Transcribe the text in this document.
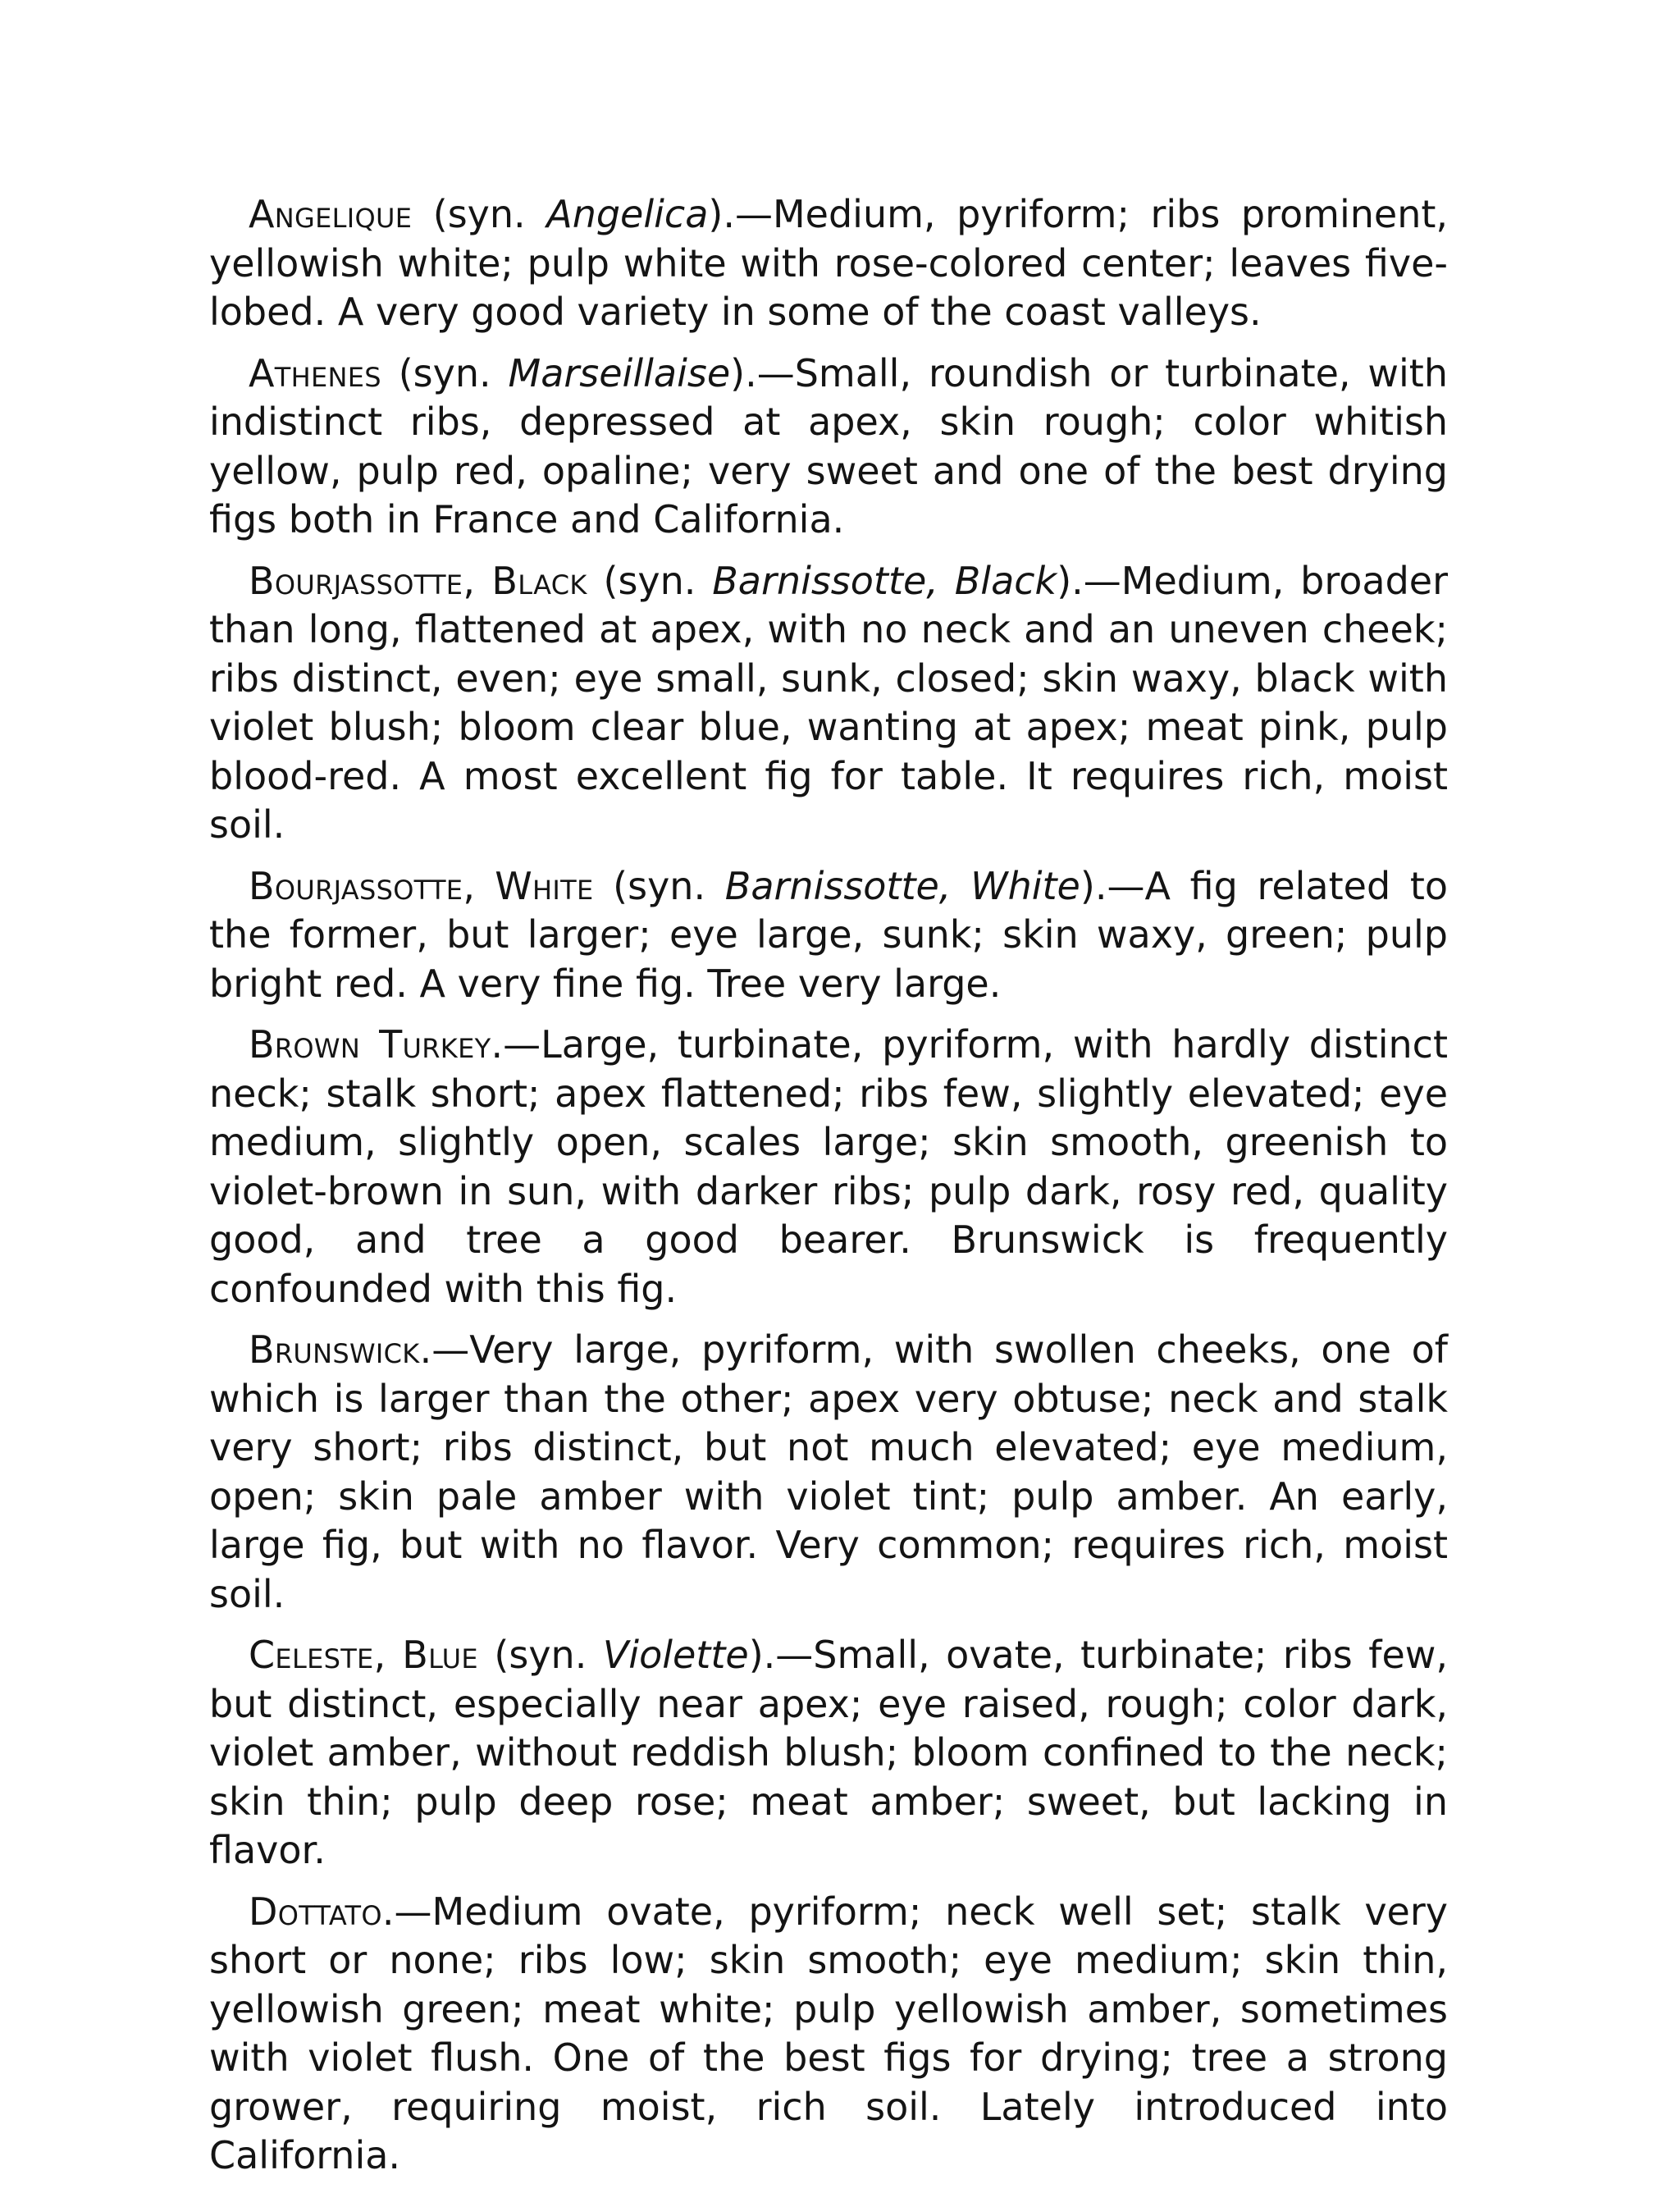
Angelique (syn. Angelica).—Medium, pyriform; ribs prominent, yellowish white; pulp white with rose-colored center; leaves five-lobed. A very good variety in some of the coast valleys.

Athenes (syn. Marseillaise).—Small, roundish or turbinate, with indistinct ribs, depressed at apex, skin rough; color whitish yellow, pulp red, opaline; very sweet and one of the best drying figs both in France and California.

Bourjassotte, Black (syn. Barnissotte, Black).—Medium, broader than long, flattened at apex, with no neck and an uneven cheek; ribs distinct, even; eye small, sunk, closed; skin waxy, black with violet blush; bloom clear blue, wanting at apex; meat pink, pulp blood-red. A most excellent fig for table. It requires rich, moist soil.

Bourjassotte, White (syn. Barnissotte, White).—A fig related to the former, but larger; eye large, sunk; skin waxy, green; pulp bright red. A very fine fig. Tree very large.

Brown Turkey.—Large, turbinate, pyriform, with hardly distinct neck; stalk short; apex flattened; ribs few, slightly elevated; eye medium, slightly open, scales large; skin smooth, greenish to violet-brown in sun, with darker ribs; pulp dark, rosy red, quality good, and tree a good bearer. Brunswick is frequently confounded with this fig.

Brunswick.—Very large, pyriform, with swollen cheeks, one of which is larger than the other; apex very obtuse; neck and stalk very short; ribs distinct, but not much elevated; eye medium, open; skin pale amber with violet tint; pulp amber. An early, large fig, but with no flavor. Very common; requires rich, moist soil.

Celeste, Blue (syn. Violette).—Small, ovate, turbinate; ribs few, but distinct, especially near apex; eye raised, rough; color dark, violet amber, without reddish blush; bloom confined to the neck; skin thin; pulp deep rose; meat amber; sweet, but lacking in flavor.

Dottato.—Medium ovate, pyriform; neck well set; stalk very short or none; ribs low; skin smooth; eye medium; skin thin, yellowish green; meat white; pulp yellowish amber, sometimes with violet flush. One of the best figs for drying; tree a strong grower, requiring moist, rich soil. Lately introduced into California.
